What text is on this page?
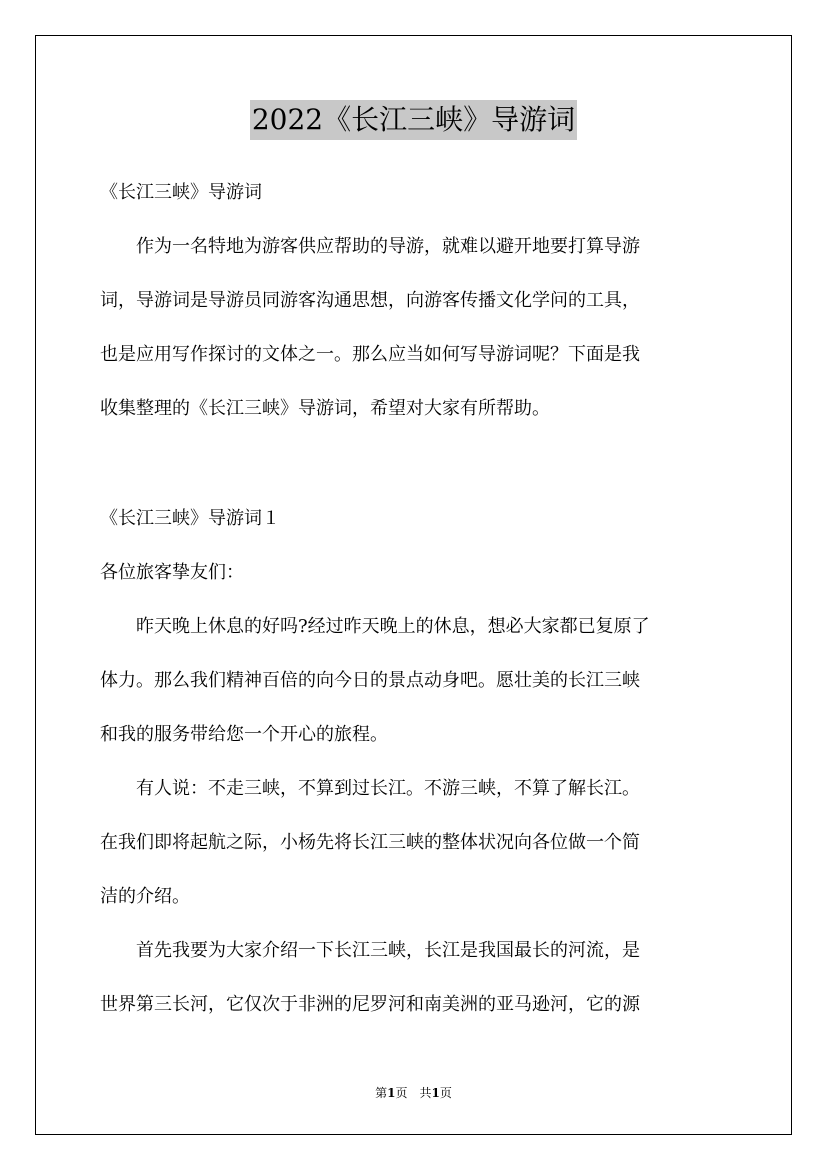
2022《长江三峡》导游词
《长江三峡》导游词
　　作为一名特地为游客供应帮助的导游，就难以避开地要打算导游
词，导游词是导游员同游客沟通思想，向游客传播文化学问的工具，
也是应用写作探讨的文体之一。那么应当如何写导游词呢？下面是我
收集整理的《长江三峡》导游词，希望对大家有所帮助。
《长江三峡》导游词１
各位旅客挚友们：
　　昨天晚上休息的好吗?经过昨天晚上的休息，想必大家都已复原了
体力。那么我们精神百倍的向今日的景点动身吧。愿壮美的长江三峡
和我的服务带给您一个开心的旅程。
　　有人说：不走三峡，不算到过长江。不游三峡，不算了解长江。
在我们即将起航之际，小杨先将长江三峡的整体状况向各位做一个简
洁的介绍。
　　首先我要为大家介绍一下长江三峡，长江是我国最长的河流，是
世界第三长河，它仅次于非洲的尼罗河和南美洲的亚马逊河，它的源
第1页　共1页
